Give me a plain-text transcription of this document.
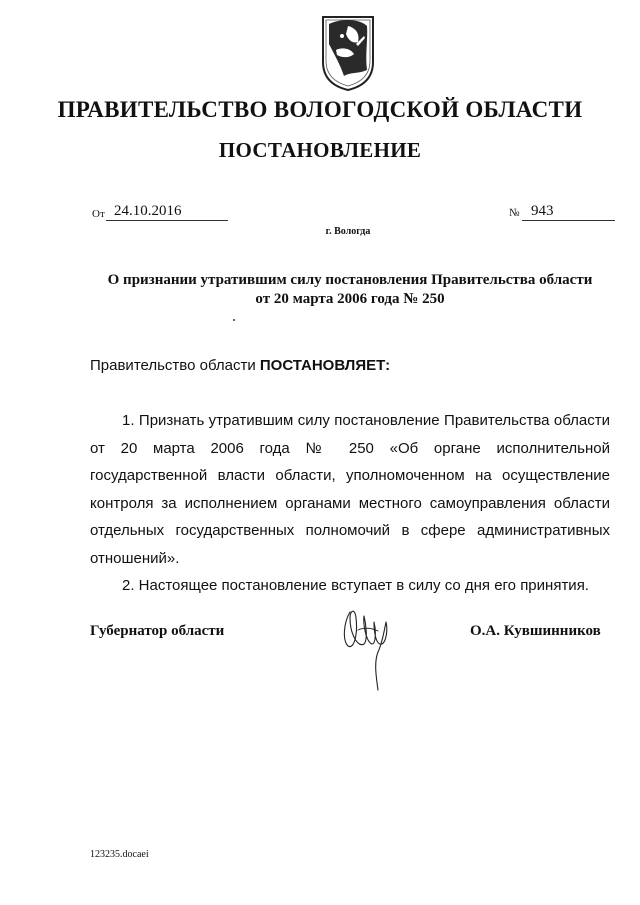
ПРАВИТЕЛЬСТВО ВОЛОГОДСКОЙ ОБЛАСТИ
ПОСТАНОВЛЕНИЕ
От 24.10.2016	№ 943
г. Вологда
О признании утратившим силу постановления Правительства области
от 20 марта 2006 года № 250
Правительство области ПОСТАНОВЛЯЕТ:

1. Признать утратившим силу постановление Правительства области от 20 марта 2006 года № 250 «Об органе исполнительной государственной власти области, уполномоченном на осуществление контроля за исполнением органами местного самоуправления области отдельных государственных полномочий в сфере административных отношений».

2. Настоящее постановление вступает в силу со дня его принятия.

Губернатор области	О.А. Кувшинников
123235.docaei
